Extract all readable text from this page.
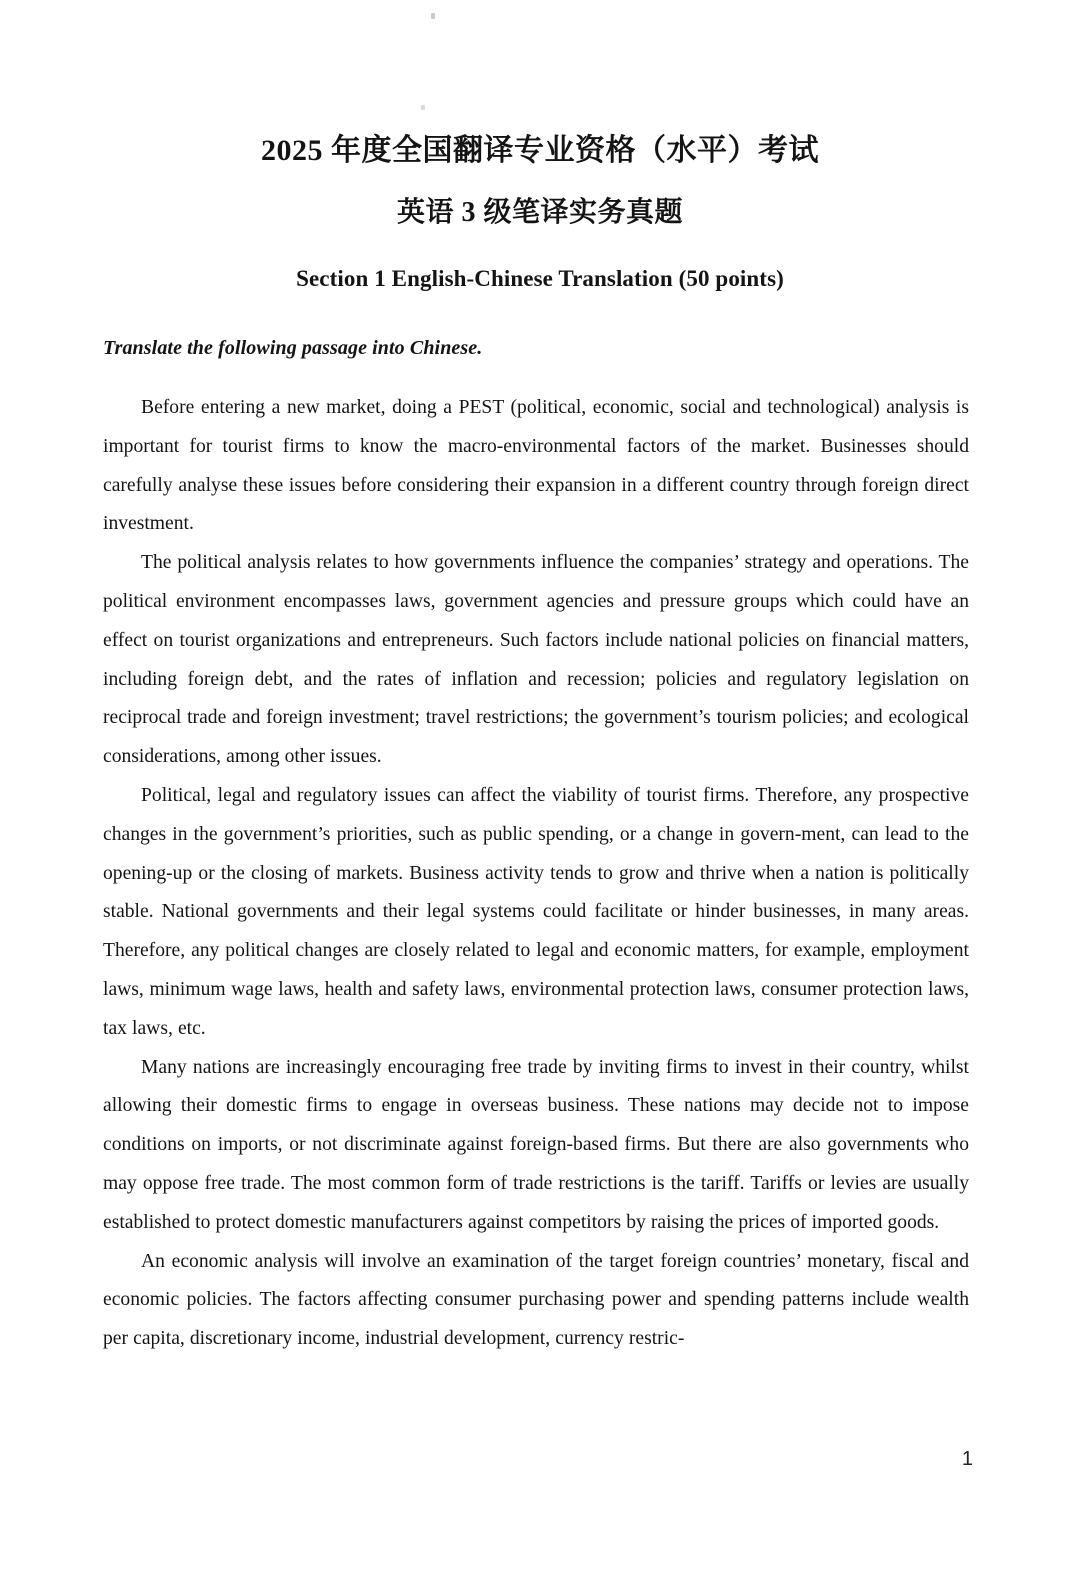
2025 年度全国翻译专业资格（水平）考试
英语 3 级笔译实务真题
Section 1 English-Chinese Translation (50 points)
Translate the following passage into Chinese.

Before entering a new market, doing a PEST (political, economic, social and technological) analysis is important for tourist firms to know the macro-environmental factors of the market. Businesses should carefully analyse these issues before considering their expansion in a different country through foreign direct investment.

The political analysis relates to how governments influence the companies’ strategy and operations. The political environment encompasses laws, government agencies and pressure groups which could have an effect on tourist organizations and entrepreneurs. Such factors include national policies on financial matters, including foreign debt, and the rates of inflation and recession; policies and regulatory legislation on reciprocal trade and foreign investment; travel restrictions; the government’s tourism policies; and ecological considerations, among other issues.

Political, legal and regulatory issues can affect the viability of tourist firms. Therefore, any prospective changes in the government’s priorities, such as public spending, or a change in govern-ment, can lead to the opening-up or the closing of markets. Business activity tends to grow and thrive when a nation is politically stable. National governments and their legal systems could facilitate or hinder businesses, in many areas. Therefore, any political changes are closely related to legal and economic matters, for example, employment laws, minimum wage laws, health and safety laws, environmental protection laws, consumer protection laws, tax laws, etc.

Many nations are increasingly encouraging free trade by inviting firms to invest in their country, whilst allowing their domestic firms to engage in overseas business. These nations may decide not to impose conditions on imports, or not discriminate against foreign-based firms. But there are also governments who may oppose free trade. The most common form of trade restrictions is the tariff. Tariffs or levies are usually established to protect domestic manufacturers against competitors by raising the prices of imported goods.

An economic analysis will involve an examination of the target foreign countries’ monetary, fiscal and economic policies. The factors affecting consumer purchasing power and spending patterns include wealth per capita, discretionary income, industrial development, currency restric-

1
